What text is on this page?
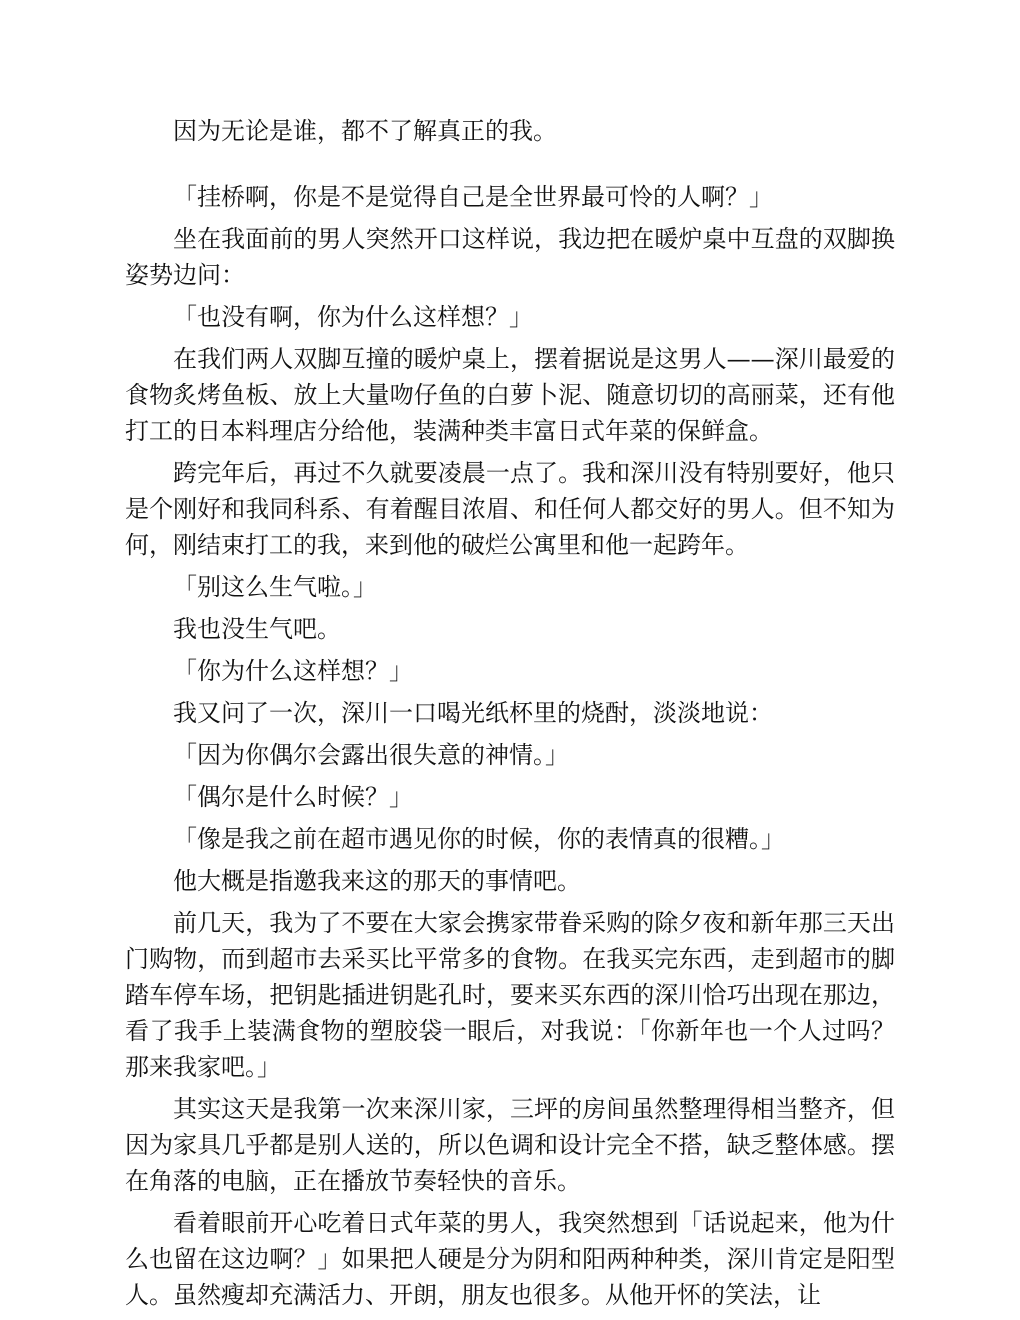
因为无论是谁，都不了解真正的我。

「挂桥啊，你是不是觉得自己是全世界最可怜的人啊？」

坐在我面前的男人突然开口这样说，我边把在暖炉桌中互盘的双脚换姿势边问：

「也没有啊，你为什么这样想？」

在我们两人双脚互撞的暖炉桌上，摆着据说是这男人——深川最爱的食物炙烤鱼板、放上大量吻仔鱼的白萝卜泥、随意切切的高丽菜，还有他打工的日本料理店分给他，装满种类丰富日式年菜的保鲜盒。

跨完年后，再过不久就要凌晨一点了。我和深川没有特别要好，他只是个刚好和我同科系、有着醒目浓眉、和任何人都交好的男人。但不知为何，刚结束打工的我，来到他的破烂公寓里和他一起跨年。

「别这么生气啦。」

我也没生气吧。

「你为什么这样想？」

我又问了一次，深川一口喝光纸杯里的烧酎，淡淡地说：

「因为你偶尔会露出很失意的神情。」

「偶尔是什么时候？」

「像是我之前在超市遇见你的时候，你的表情真的很糟。」

他大概是指邀我来这的那天的事情吧。

前几天，我为了不要在大家会携家带眷采购的除夕夜和新年那三天出门购物，而到超市去采买比平常多的食物。在我买完东西，走到超市的脚踏车停车场，把钥匙插进钥匙孔时，要来买东西的深川恰巧出现在那边，看了我手上装满食物的塑胶袋一眼后，对我说：「你新年也一个人过吗？那来我家吧。」

其实这天是我第一次来深川家，三坪的房间虽然整理得相当整齐，但因为家具几乎都是别人送的，所以色调和设计完全不搭，缺乏整体感。摆在角落的电脑，正在播放节奏轻快的音乐。

看着眼前开心吃着日式年菜的男人，我突然想到「话说起来，他为什么也留在这边啊？」如果把人硬是分为阴和阳两种种类，深川肯定是阳型人。虽然瘦却充满活力、开朗，朋友也很多。从他开怀的笑法，让
